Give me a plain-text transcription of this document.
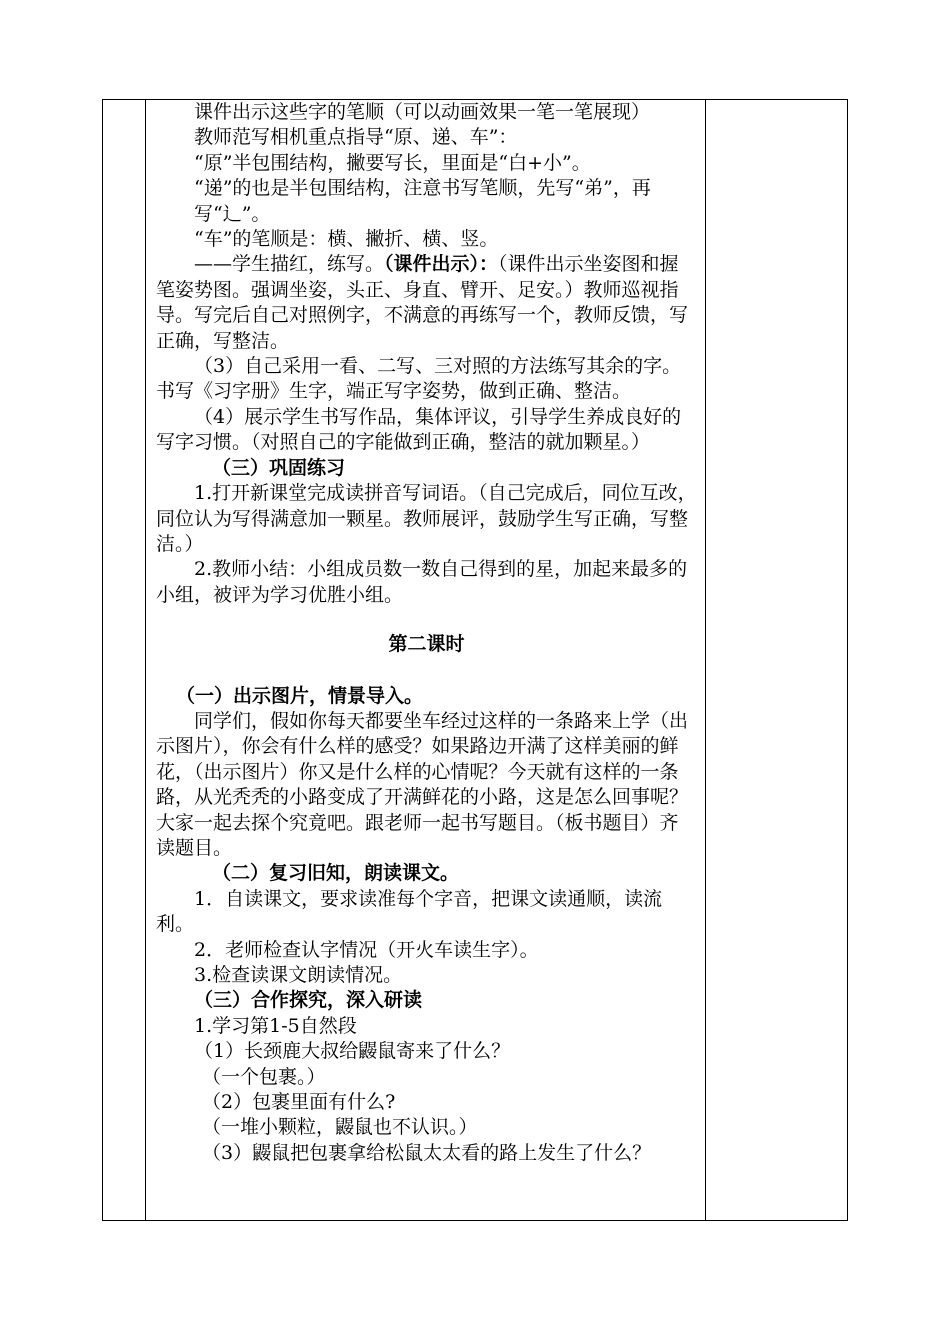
课件出示这些字的笔顺（可以动画效果一笔一笔展现）

教师范写相机重点指导“原、递、车”：

“原”半包围结构，撇要写长，里面是“白+小”。

“递”的也是半包围结构，注意书写笔顺，先写“弟”，再写“辶”。

“车”的笔顺是：横、撇折、横、竖。

——学生描红，练写。（课件出示）：（课件出示坐姿图和握笔姿势图。强调坐姿，头正、身直、臂开、足安。）教师巡视指导。写完后自己对照例字，不满意的再练写一个，教师反馈，写正确，写整洁。

（3）自己采用一看、二写、三对照的方法练写其余的字。书写《习字册》生字，端正写字姿势，做到正确、整洁。

（4）展示学生书写作品，集体评议，引导学生养成良好的写字习惯。（对照自己的字能做到正确，整洁的就加颗星。）

（三）巩固练习

1.打开新课堂完成读拼音写词语。（自己完成后，同位互改，同位认为写得满意加一颗星。教师展评，鼓励学生写正确，写整洁。）

2.教师小结：小组成员数一数自己得到的星，加起来最多的小组，被评为学习优胜小组。

第二课时

（一）出示图片，情景导入。

同学们，假如你每天都要坐车经过这样的一条路来上学（出示图片），你会有什么样的感受？如果路边开满了这样美丽的鲜花，（出示图片）你又是什么样的心情呢？今天就有这样的一条路，从光秃秃的小路变成了开满鲜花的小路，这是怎么回事呢？大家一起去探个究竟吧。跟老师一起书写题目。（板书题目）齐读题目。

（二）复习旧知，朗读课文。

1．自读课文，要求读准每个字音，把课文读通顺，读流利。

2．老师检查认字情况（开火车读生字）。

3.检查读课文朗读情况。

（三）合作探究，深入研读

1.学习第1-5自然段

（1）长颈鹿大叔给鼹鼠寄来了什么？

（一个包裹。）

（2）包裹里面有什么?

（一堆小颗粒，鼹鼠也不认识。）

（3）鼹鼠把包裹拿给松鼠太太看的路上发生了什么？
